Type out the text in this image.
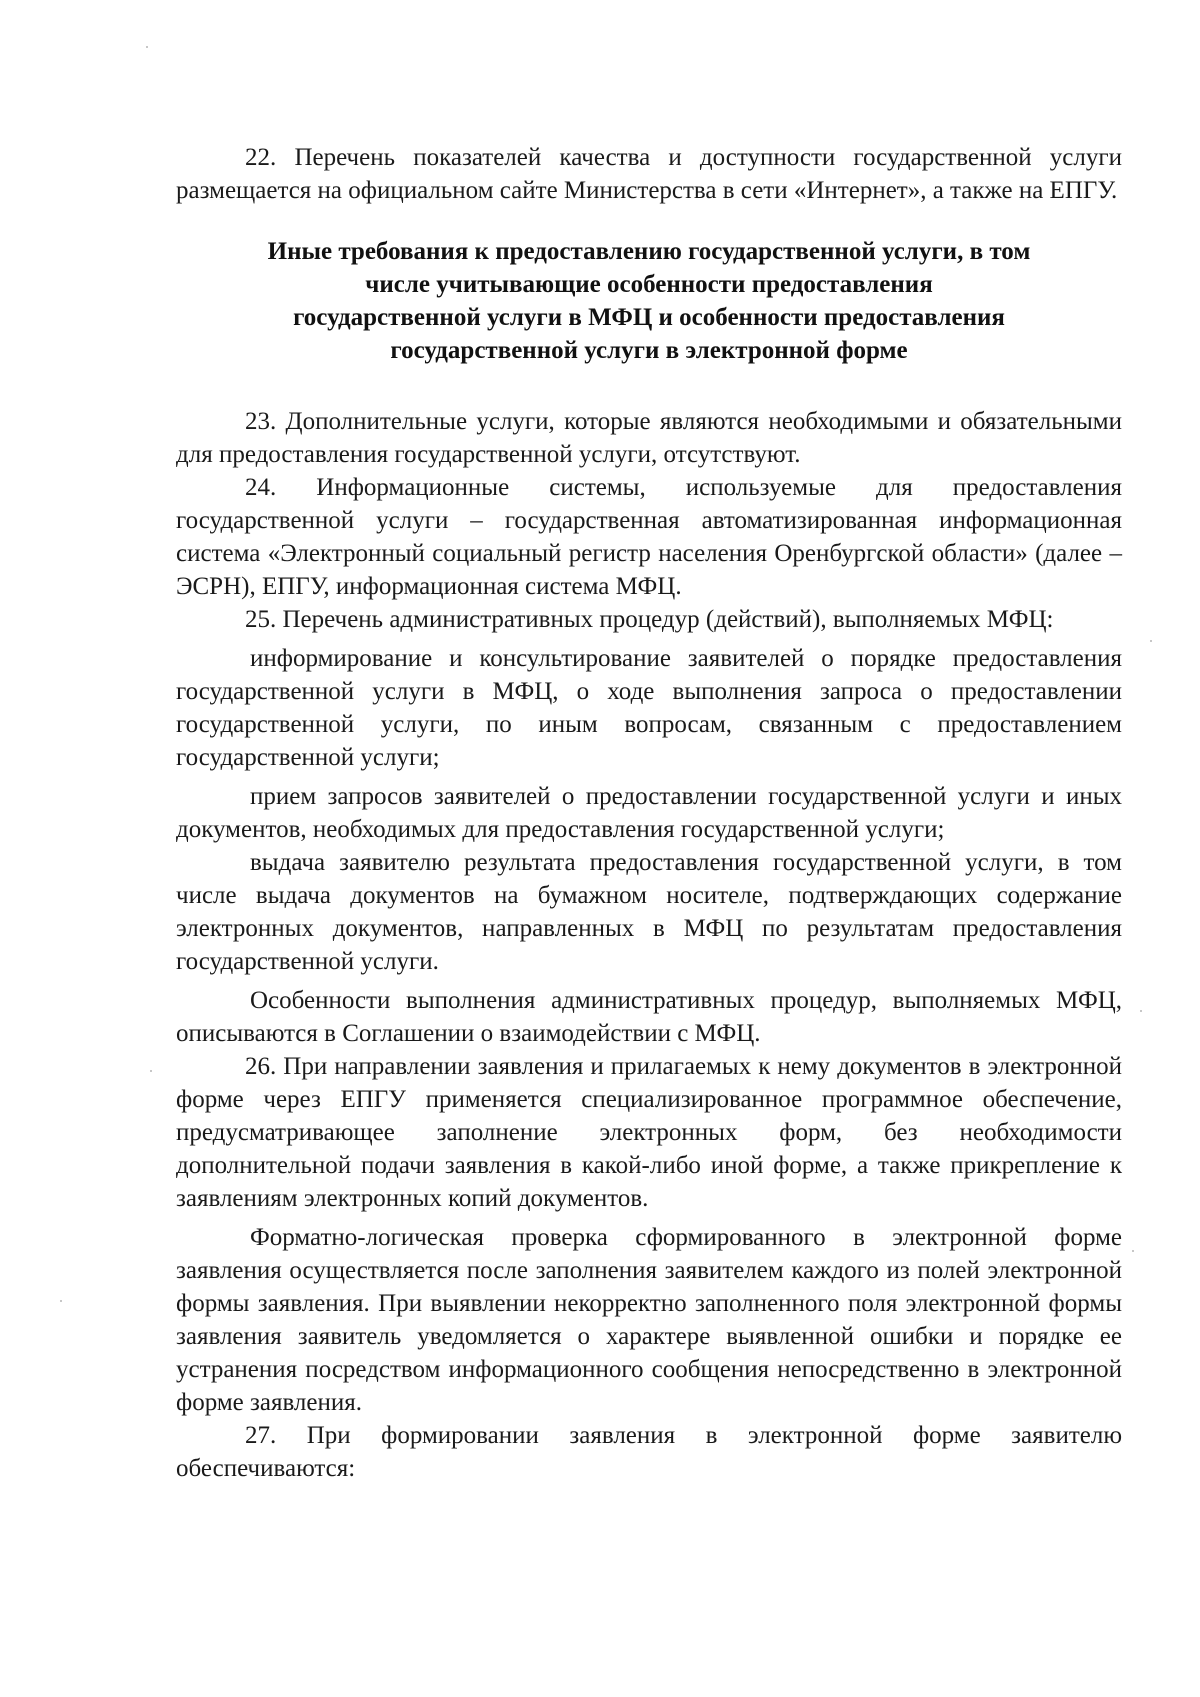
22. Перечень показателей качества и доступности государственной услуги размещается на официальном сайте Министерства в сети «Интернет», а также на ЕПГУ.

Иные требования к предоставлению государственной услуги, в том
числе учитывающие особенности предоставления
государственной услуги в МФЦ и особенности предоставления
государственной услуги в электронной форме

23. Дополнительные услуги, которые являются необходимыми и обязательными для предоставления государственной услуги, отсутствуют.

24. Информационные системы, используемые для предоставления государственной услуги – государственная автоматизированная информационная система «Электронный социальный регистр населения Оренбургской области» (далее – ЭСРН), ЕПГУ, информационная система МФЦ.

25. Перечень административных процедур (действий), выполняемых МФЦ:

информирование и консультирование заявителей о порядке предоставления государственной услуги в МФЦ, о ходе выполнения запроса о предоставлении государственной услуги, по иным вопросам, связанным с предоставлением государственной услуги;

прием запросов заявителей о предоставлении государственной услуги и иных документов, необходимых для предоставления государственной услуги;

выдача заявителю результата предоставления государственной услуги, в том числе выдача документов на бумажном носителе, подтверждающих содержание электронных документов, направленных в МФЦ по результатам предоставления государственной услуги.

Особенности выполнения административных процедур, выполняемых МФЦ, описываются в Соглашении о взаимодействии с МФЦ.

26. При направлении заявления и прилагаемых к нему документов в электронной форме через ЕПГУ применяется специализированное программное обеспечение, предусматривающее заполнение электронных форм, без необходимости дополнительной подачи заявления в какой-либо иной форме, а также прикрепление к заявлениям электронных копий документов.

Форматно-логическая проверка сформированного в электронной форме заявления осуществляется после заполнения заявителем каждого из полей электронной формы заявления. При выявлении некорректно заполненного поля электронной формы заявления заявитель уведомляется о характере выявленной ошибки и порядке ее устранения посредством информационного сообщения непосредственно в электронной форме заявления.

27. При формировании заявления в электронной форме заявителю обеспечиваются:
